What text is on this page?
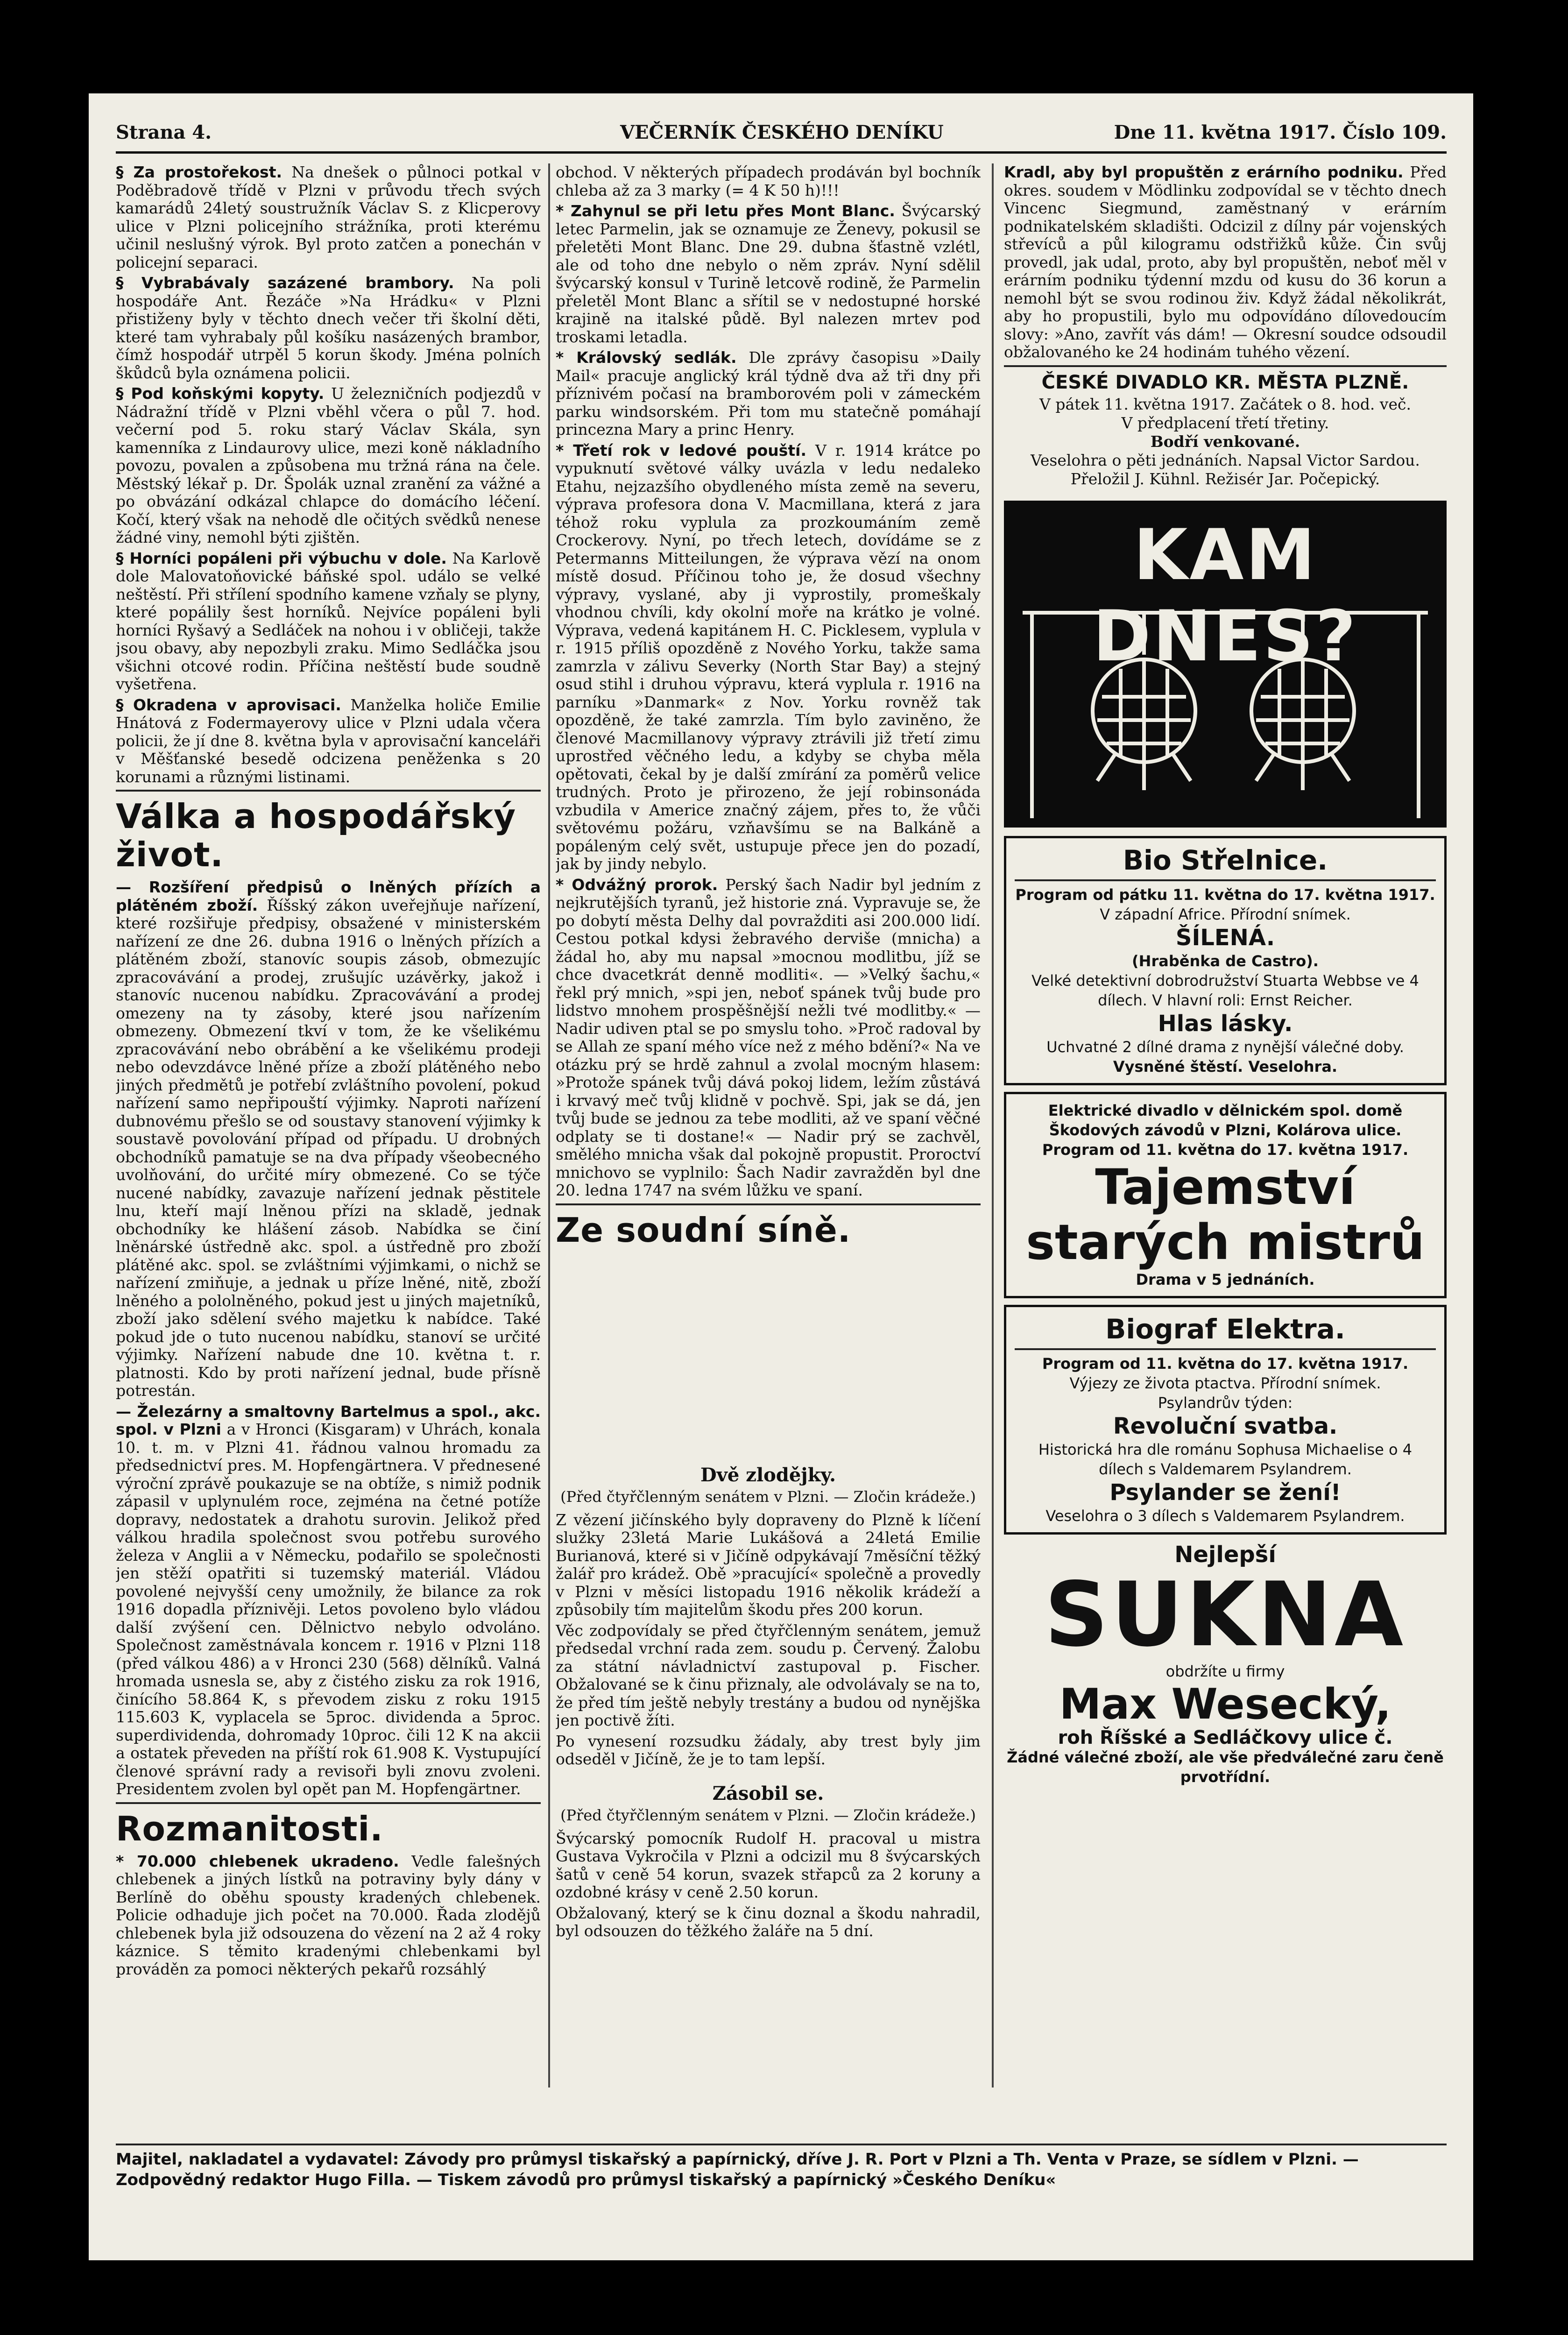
Strana 4.	VEČERNÍK ČESKÉHO DENÍKU	Dne 11. května 1917. Číslo 109.

§ Za prostořekost. Na dnešek o půlnoci potkal v Poděbradově třídě v Plzni v průvodu třech svých kamarádů 24letý soustružník Václav S. z Klicperovy ulice v Plzni policejního strážníka, proti kterému učinil neslušný výrok. Byl proto zatčen a ponechán v policejní separaci.

§ Vybrabávaly sazázené brambory. Na poli hospodáře Ant. Řezáče »Na Hrádku« v Plzni přistiženy byly v těchto dnech večer tři školní děti, které tam vyhrabaly půl košíku nasázených brambor, čímž hospodář utrpěl 5 korun škody. Jména polních škůdců byla oznámena policii.

§ Pod koňskými kopyty. U železničních podjezdů v Nádražní třídě v Plzni vběhl včera o půl 7. hod. večerní pod 5. roku starý Václav Skála, syn kamenníka z Lindaurovy ulice, mezi koně nákladního povozu, povalen a způsobena mu tržná rána na čele. Městský lékař p. Dr. Špolák uznal zranění za vážné a po obvázání odkázal chlapce do domácího léčení. Kočí, který však na nehodě dle očitých svědků nenese žádné viny, nemohl býti zjištěn.

§ Horníci popáleni při výbuchu v dole. Na Karlově dole Malovatoňovické báňské spol. událo se velké neštěstí. Při střílení spodního kamene vzňaly se plyny, které popálily šest horníků. Nejvíce popáleni byli horníci Ryšavý a Sedláček na nohou i v obličeji, takže jsou obavy, aby nepozbyli zraku. Mimo Sedláčka jsou všichni otcové rodin. Příčina neštěstí bude soudně vyšetřena.

§ Okradena v aprovisaci. Manželka holiče Emilie Hnátová z Fodermayerovy ulice v Plzni udala včera policii, že jí dne 8. května byla v aprovisační kanceláři v Měšťanské besedě odcizena peněženka s 20 korunami a různými listinami.

Válka a hospodářský život.

— Rozšíření předpisů o lněných přízích a plátěném zboží. Říšský zákon uveřejňuje nařízení, které rozšiřuje předpisy, obsažené v ministerském nařízení ze dne 26. dubna 1916 o lněných přízích a plátěném zboží, stanovíc soupis zásob, obmezujíc zpracovávání a prodej, zrušujíc uzávěrky, jakož i stanovíc nucenou nabídku. Zpracovávání a prodej omezeny na ty zásoby, které jsou nařízením obmezeny. Obmezení tkví v tom, že ke všelikému zpracovávání nebo obrábění a ke všelikému prodeji nebo odevzdávce lněné příze a zboží plátěného nebo jiných předmětů je potřebí zvláštního povolení, pokud nařízení samo nepřipouští výjimky. Naproti nařízení dubnovému přešlo se od soustavy stanovení výjimky k soustavě povolování případ od případu. U drobných obchodníků pamatuje se na dva případy všeobecného uvolňování, do určité míry obmezené. Co se týče nucené nabídky, zavazuje nařízení jednak pěstitele lnu, kteří mají lněnou přízi na skladě, jednak obchodníky ke hlášení zásob. Nabídka se činí lněnárské ústředně akc. spol. a ústředně pro zboží plátěné akc. spol. se zvláštními výjimkami, o nichž se nařízení zmiňuje, a jednak u příze lněné, nitě, zboží lněného a pololněného, pokud jest u jiných majetníků, zboží jako sdělení svého majetku k nabídce. Také pokud jde o tuto nucenou nabídku, stanoví se určité výjimky. Nařízení nabude dne 10. května t. r. platnosti. Kdo by proti nařízení jednal, bude přísně potrestán.

— Železárny a smaltovny Bartelmus a spol., akc. spol. v Plzni a v Hronci (Kisgaram) v Uhrách, konala 10. t. m. v Plzni 41. řádnou valnou hromadu za předsednictví pres. M. Hopfengärtnera. V přednesené výroční zprávě poukazuje se na obtíže, s nimiž podnik zápasil v uplynulém roce, zejména na četné potíže dopravy, nedostatek a drahotu surovin. Jelikož před válkou hradila společnost svou potřebu surového železa v Anglii a v Německu, podařilo se společnosti jen stěží opatřiti si tuzemský materiál. Vládou povolené nejvyšší ceny umožnily, že bilance za rok 1916 dopadla příznivěji. Letos povoleno bylo vládou další zvýšení cen. Dělnictvo nebylo odvoláno. Společnost zaměstnávala koncem r. 1916 v Plzni 118 (před válkou 486) a v Hronci 230 (568) dělníků. Valná hromada usnesla se, aby z čistého zisku za rok 1916, činícího 58.864 K, s převodem zisku z roku 1915 115.603 K, vyplacela se 5proc. dividenda a 5proc. superdividenda, dohromady 10proc. čili 12 K na akcii a ostatek převeden na příští rok 61.908 K. Vystupující členové správní rady a revisoři byli znovu zvoleni. Presidentem zvolen byl opět pan M. Hopfengärtner.

Rozmanitosti.

* 70.000 chlebenek ukradeno. Vedle falešných chlebenek a jiných lístků na potraviny byly dány v Berlíně do oběhu spousty kradených chlebenek. Policie odhaduje jich počet na 70.000. Řada zlodějů chlebenek byla již odsouzena do vězení na 2 až 4 roky káznice. S těmito kradenými chlebenkami byl prováděn za pomoci některých pekařů rozsáhlý

obchod. V některých případech prodáván byl bochník chleba až za 3 marky (= 4 K 50 h)!!!

* Zahynul se při letu přes Mont Blanc. Švýcarský letec Parmelin, jak se oznamuje ze Ženevy, pokusil se přeletěti Mont Blanc. Dne 29. dubna šťastně vzlétl, ale od toho dne nebylo o něm zpráv. Nyní sdělil švýcarský konsul v Turině letcově rodině, že Parmelin přeletěl Mont Blanc a sřítil se v nedostupné horské krajině na italské půdě. Byl nalezen mrtev pod troskami letadla.

* Královský sedlák. Dle zprávy časopisu »Daily Mail« pracuje anglický král týdně dva až tři dny při příznivém počasí na bramborovém poli v zámeckém parku windsorském. Při tom mu statečně pomáhají princezna Mary a princ Henry.

* Třetí rok v ledové pouští. V r. 1914 krátce po vypuknutí světové války uvázla v ledu nedaleko Etahu, nejzazšího obydleného místa země na severu, výprava profesora dona V. Macmillana, která z jara téhož roku vyplula za prozkoumáním země Crockerovy. Nyní, po třech letech, dovídáme se z Petermanns Mitteilungen, že výprava vězí na onom místě dosud. Příčinou toho je, že dosud všechny výpravy, vyslané, aby ji vyprostily, promeškaly vhodnou chvíli, kdy okolní moře na krátko je volné. Výprava, vedená kapitánem H. C. Picklesem, vyplula v r. 1915 příliš opozděně z Nového Yorku, takže sama zamrzla v zálivu Severky (North Star Bay) a stejný osud stihl i druhou výpravu, která vyplula r. 1916 na parníku »Danmark« z Nov. Yorku rovněž tak opozděně, že také zamrzla. Tím bylo zaviněno, že členové Macmillanovy výpravy ztrávili již třetí zimu uprostřed věčného ledu, a kdyby se chyba měla opětovati, čekal by je další zmírání za poměrů velice trudných. Proto je přirozeno, že její robinsonáda vzbudila v Americe značný zájem, přes to, že vůči světovému požáru, vzňavšímu se na Balkáně a popáleným celý svět, ustupuje přece jen do pozadí, jak by jindy nebylo.

* Odvážný prorok. Perský šach Nadir byl jedním z nejkrutějších tyranů, jež historie zná. Vypravuje se, že po dobytí města Delhy dal povražditi asi 200.000 lidí. Cestou potkal kdysi žebravého derviše (mnicha) a žádal ho, aby mu napsal »mocnou modlitbu, jíž se chce dvacetkrát denně modliti«. — »Velký šachu,« řekl prý mnich, »spi jen, neboť spánek tvůj bude pro lidstvo mnohem prospěšnější nežli tvé modlitby.« — Nadir udiven ptal se po smyslu toho. »Proč radoval by se Allah ze spaní mého více než z mého bdění?« Na ve otázku prý se hrdě zahnul a zvolal mocným hlasem: »Protože spánek tvůj dává pokoj lidem, ležím zůstává i krvavý meč tvůj klidně v pochvě. Spi, jak se dá, jen tvůj bude se jednou za tebe modliti, až ve spaní věčné odplaty se ti dostane!« — Nadir prý se zachvěl, smělého mnicha však dal pokojně propustit. Proroctví mnichovo se vyplnilo: Šach Nadir zavražděn byl dne 20. ledna 1747 na svém lůžku ve spaní.

Ze soudní síně.
Dvě zlodějky.
(Před čtyřčlenným senátem v Plzni. — Zločin krádeže.)

Z vězení jičínského byly dopraveny do Plzně k líčení služky 23letá Marie Lukášová a 24letá Emilie Burianová, které si v Jičíně odpykávají 7měsíční těžký žalář pro krádež. Obě »pracující« společně a provedly v Plzni v měsíci listopadu 1916 několik krádeží a způsobily tím majitelům škodu přes 200 korun.

Věc zodpovídaly se před čtyřčlenným senátem, jemuž předsedal vrchní rada zem. soudu p. Červený. Žalobu za státní návladnictví zastupoval p. Fischer. Obžalované se k činu přiznaly, ale odvolávaly se na to, že před tím ještě nebyly trestány a budou od nynějška jen poctivě žíti.

Po vynesení rozsudku žádaly, aby trest byly jim odseděl v Jičíně, že je to tam lepší.

Zásobil se.
(Před čtyřčlenným senátem v Plzni. — Zločin krádeže.)

Švýcarský pomocník Rudolf H. pracoval u mistra Gustava Vykročila v Plzni a odcizil mu 8 švýcarských šatů v ceně 54 korun, svazek střapců za 2 koruny a ozdobné krásy v ceně 2.50 korun.

Obžalovaný, který se k činu doznal a škodu nahradil, byl odsouzen do těžkého žaláře na 5 dní.

Kradl, aby byl propuštěn z erárního podniku. Před okres. soudem v Mödlinku zodpovídal se v těchto dnech Vincenc Siegmund, zaměstnaný v erárním podnikatelském skladišti. Odcizil z dílny pár vojenských střevíců a půl kilogramu odstřižků kůže. Čin svůj provedl, jak udal, proto, aby byl propuštěn, neboť měl v erárním podniku týdenní mzdu od kusu do 36 korun a nemohl být se svou rodinou živ. Když žádal několikrát, aby ho propustili, bylo mu odpovídáno dílovedoucím slovy: »Ano, zavřít vás dám! — Okresní soudce odsoudil obžalovaného ke 24 hodinám tuhého vězení.

ČESKÉ DIVADLO KR. MĚSTA PLZNĚ.

V pátek 11. května 1917. Začátek o 8. hod. več.

V předplacení třetí třetiny.

Bodří venkované.

Veselohra o pěti jednáních. Napsal Victor Sardou. Přeložil J. Kühnl. Režisér Jar. Počepický.

KAM DNES?
Bio Střelnice.
Program od pátku 11. května do 17. května 1917.
V západní Africe. Přírodní snímek.
ŠÍLENÁ.
(Hraběnka de Castro).
Velké detektivní dobrodružství Stuarta Webbse ve 4 dílech. V hlavní roli: Ernst Reicher.
Hlas lásky.
Uchvatné 2 dílné drama z nynější válečné doby.
Vysněné štěstí. Veselohra.
Elektrické divadlo v dělnickém spol. domě Škodových závodů v Plzni, Kolárova ulice.
Program od 11. května do 17. května 1917.
Tajemství
starých mistrů
Drama v 5 jednáních.
Biograf Elektra.
Program od 11. května do 17. května 1917.
Výjezy ze života ptactva. Přírodní snímek.
Psylandrův týden:
Revoluční svatba.
Historická hra dle románu Sophusa Michaelise o 4 dílech s Valdemarem Psylandrem.
Psylander se žení!
Veselohra o 3 dílech s Valdemarem Psylandrem.
Nejlepší
SUKNA
obdržíte u firmy
Max Wesecký,
roh Říšské a Sedláčkovy ulice č.
Žádné válečné zboží, ale vše předválečné zaru čeně prvotřídní.
Majitel, nakladatel a vydavatel: Závody pro průmysl tiskařský a papírnický, dříve J. R. Port v Plzni a Th. Venta v Praze, se sídlem v Plzni. — Zodpovědný redaktor Hugo Filla. — Tiskem závodů pro průmysl tiskařský a papírnický »Českého Deníku«
